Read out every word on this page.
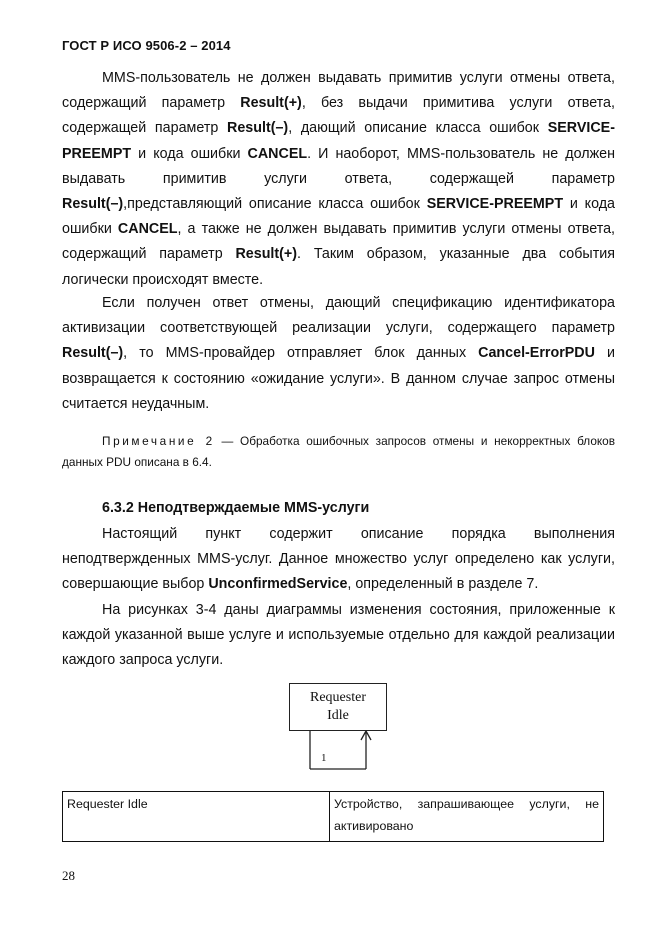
ГОСТ Р ИСО 9506-2 – 2014

MMS-пользователь не должен выдавать примитив услуги отмены ответа, содержащий параметр Result(+), без выдачи примитива услуги ответа, содержащей параметр Result(–), дающий описание класса ошибок SERVICE-PREEMPT и кода ошибки CANCEL. И наоборот, MMS-пользователь не должен выдавать примитив услуги ответа, содержащей параметр Result(–),представляющий описание класса ошибок SERVICE-PREEMPT и кода ошибки CANCEL, а также не должен выдавать примитив услуги отмены ответа, содержащий параметр Result(+). Таким образом, указанные два события логически происходят вместе.

Если получен ответ отмены, дающий спецификацию идентификатора активизации соответствующей реализации услуги, содержащего параметр Result(–), то MMS-провайдер отправляет блок данных Cancel-ErrorPDU и возвращается к состоянию «ожидание услуги». В данном случае запрос отмены считается неудачным.

Примечание 2 — Обработка ошибочных запросов отмены и некорректных блоков данных PDU описана в 6.4.

6.3.2 Неподтверждаемые MMS-услуги

Настоящий пункт содержит описание порядка выполнения неподтвержденных MMS-услуг. Данное множество услуг определено как услуги, совершающие выбор UnconfirmedService, определенный в разделе 7.

На рисунках 3-4 даны диаграммы изменения состояния, приложенные к каждой указанной выше услуге и используемые отдельно для каждой реализации каждого запроса услуги.

Requester
Idle
1
Requester Idle	Устройство, запрашивающее услуги, не активировано
28
